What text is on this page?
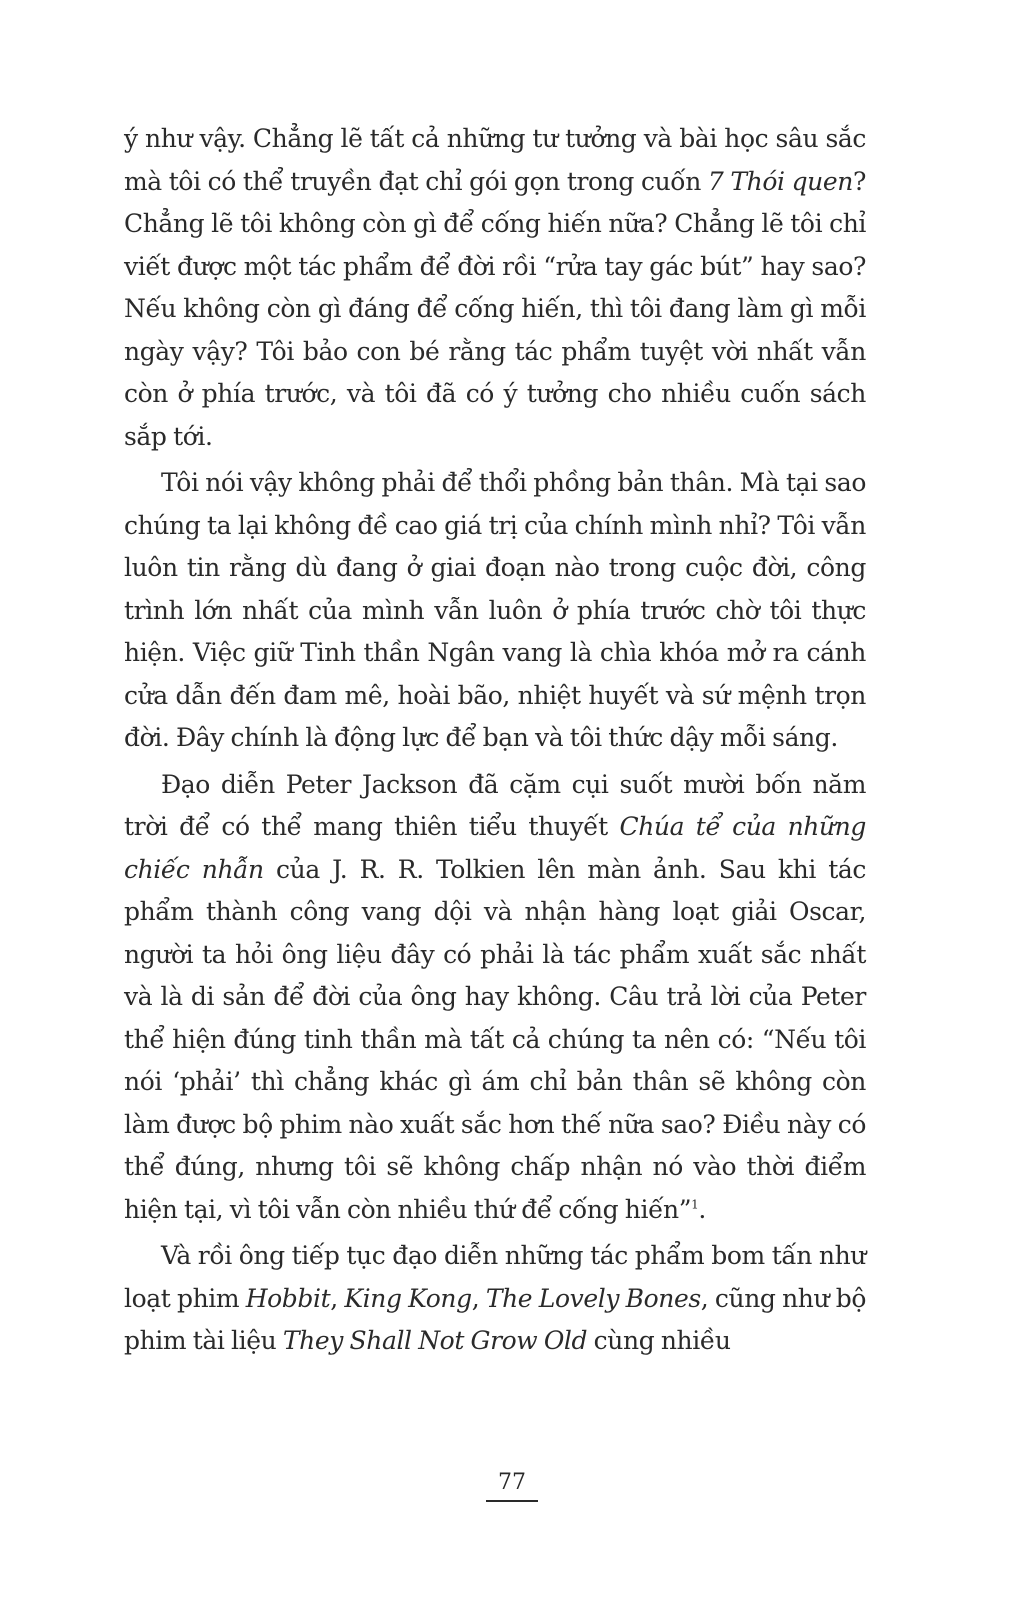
ý như vậy. Chẳng lẽ tất cả những tư tưởng và bài học sâu sắc mà tôi có thể truyền đạt chỉ gói gọn trong cuốn 7 Thói quen? Chẳng lẽ tôi không còn gì để cống hiến nữa? Chẳng lẽ tôi chỉ viết được một tác phẩm để đời rồi “rửa tay gác bút” hay sao? Nếu không còn gì đáng để cống hiến, thì tôi đang làm gì mỗi ngày vậy? Tôi bảo con bé rằng tác phẩm tuyệt vời nhất vẫn còn ở phía trước, và tôi đã có ý tưởng cho nhiều cuốn sách sắp tới.

Tôi nói vậy không phải để thổi phồng bản thân. Mà tại sao chúng ta lại không đề cao giá trị của chính mình nhỉ? Tôi vẫn luôn tin rằng dù đang ở giai đoạn nào trong cuộc đời, công trình lớn nhất của mình vẫn luôn ở phía trước chờ tôi thực hiện. Việc giữ Tinh thần Ngân vang là chìa khóa mở ra cánh cửa dẫn đến đam mê, hoài bão, nhiệt huyết và sứ mệnh trọn đời. Đây chính là động lực để bạn và tôi thức dậy mỗi sáng.

Đạo diễn Peter Jackson đã cặm cụi suốt mười bốn năm trời để có thể mang thiên tiểu thuyết Chúa tể của những chiếc nhẫn của J. R. R. Tolkien lên màn ảnh. Sau khi tác phẩm thành công vang dội và nhận hàng loạt giải Oscar, người ta hỏi ông liệu đây có phải là tác phẩm xuất sắc nhất và là di sản để đời của ông hay không. Câu trả lời của Peter thể hiện đúng tinh thần mà tất cả chúng ta nên có: “Nếu tôi nói ‘phải’ thì chẳng khác gì ám chỉ bản thân sẽ không còn làm được bộ phim nào xuất sắc hơn thế nữa sao? Điều này có thể đúng, nhưng tôi sẽ không chấp nhận nó vào thời điểm hiện tại, vì tôi vẫn còn nhiều thứ để cống hiến”$^1$.

Và rồi ông tiếp tục đạo diễn những tác phẩm bom tấn như loạt phim Hobbit, King Kong, The Lovely Bones, cũng như bộ phim tài liệu They Shall Not Grow Old cùng nhiều

77
